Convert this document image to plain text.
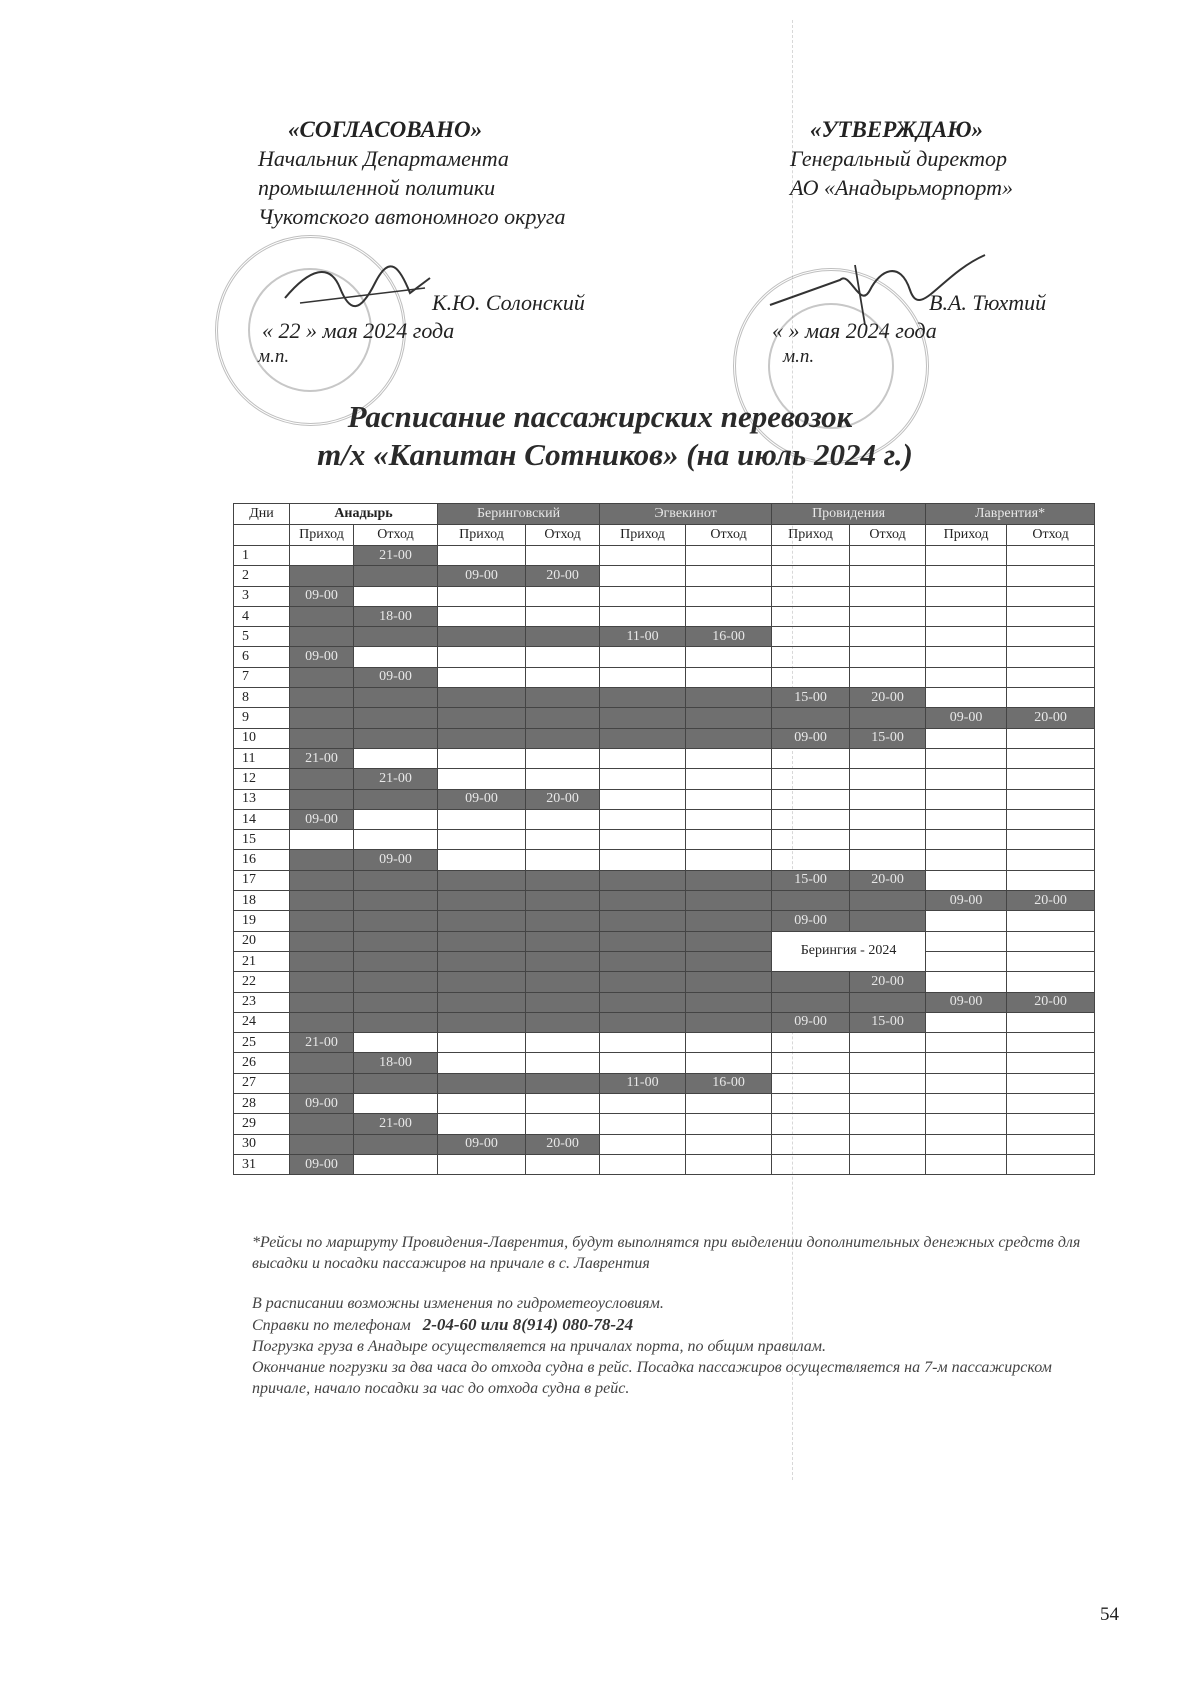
«СОГЛАСОВАНО»
Начальник Департамента
промышленной политики
Чукотского автономного округа
«УТВЕРЖДАЮ»
Генеральный директор
АО «Анадырьморпорт»
К.Ю. Солонский
« 22 » мая 2024 года
м.п.
В.А. Тюхтий
« » мая 2024 года
м.п.
Расписание пассажирских перевозок
т/х «Капитан Сотников» (на июль 2024 г.)
Дни	Анадырь		Беринговский		Эгвекинот		Провидения		Лаврентия*	
	Приход	Отход	Приход	Отход	Приход	Отход	Приход	Отход	Приход	Отход
1		21-00								
2			09-00	20-00						
3	09-00									
4		18-00								
5					11-00	16-00				
6	09-00									
7		09-00								
8							15-00	20-00		
9									09-00	20-00
10							09-00	15-00		
11	21-00									
12		21-00								
13			09-00	20-00						
14	09-00									
15										
16		09-00								
17							15-00	20-00		
18									09-00	20-00
19							09-00			
20							Берингия - 2024			
21										
22								20-00		
23									09-00	20-00
24							09-00	15-00		
25	21-00									
26		18-00								
27					11-00	16-00				
28	09-00									
29		21-00								
30			09-00	20-00						
31	09-00									
*Рейсы по маршруту Провидения-Лаврентия, будут выполнятся при выделении дополнительных денежных средств для высадки и посадки пассажиров на причале в с. Лаврентия
В расписании возможны изменения по гидрометеоусловиям.
Справки по телефонам 2-04-60 или 8(914) 080-78-24
Погрузка груза в Анадыре осуществляется на причалах порта, по общим правилам.
Окончание погрузки за два часа до отхода судна в рейс. Посадка пассажиров осуществляется на 7-м пассажирском причале, начало посадки за час до отхода судна в рейс.
54
